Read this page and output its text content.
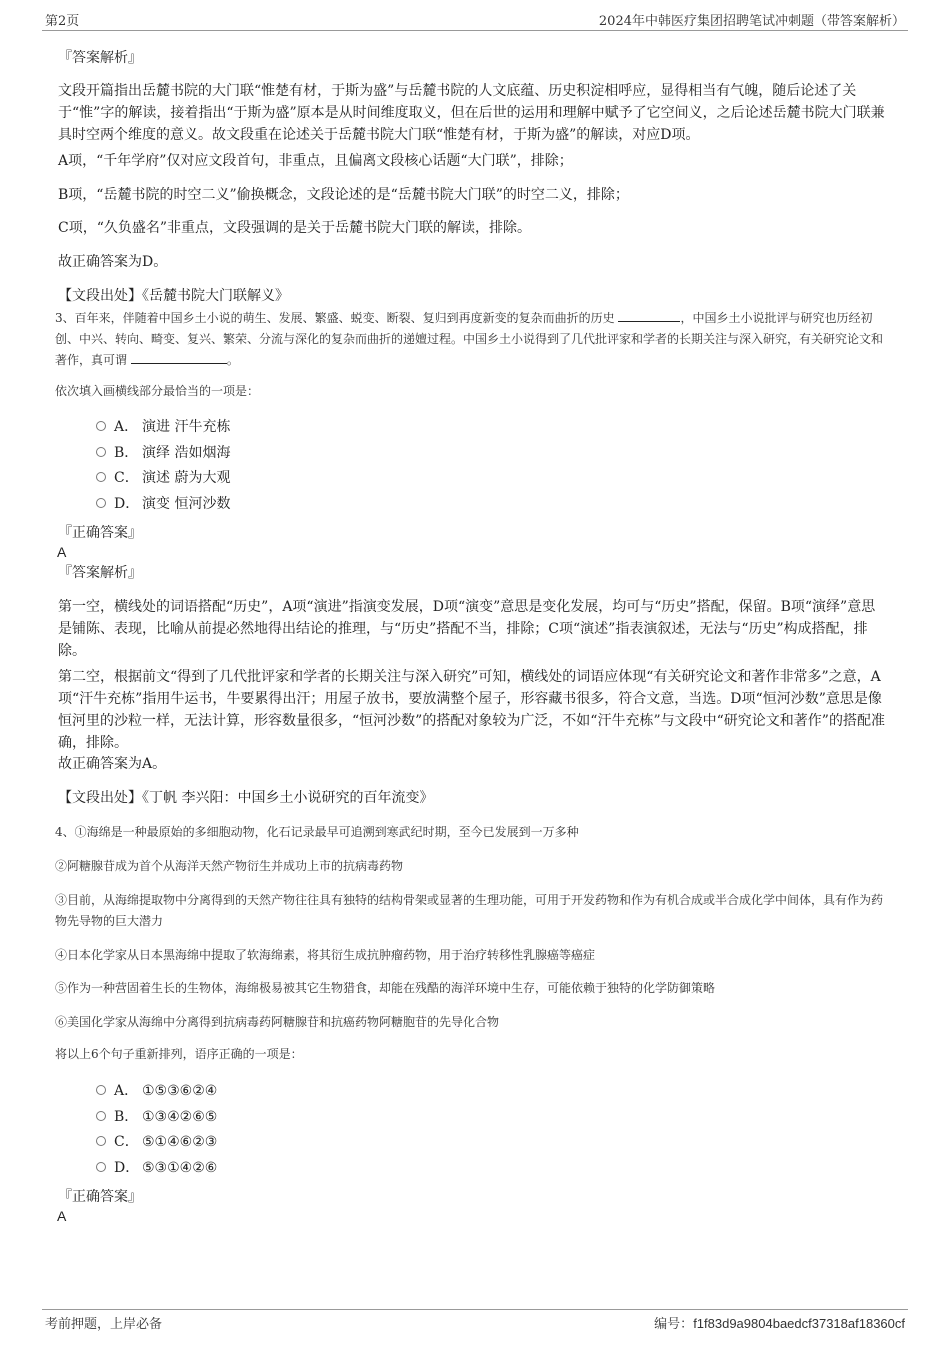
第2页	2024年中韩医疗集团招聘笔试冲刺题（带答案解析）
『答案解析』
文段开篇指出岳麓书院的大门联“惟楚有材，于斯为盛”与岳麓书院的人文底蕴、历史积淀相呼应，显得相当有气魄，随后论述了关于“惟”字的解读，接着指出“于斯为盛”原本是从时间维度取义，但在后世的运用和理解中赋予了它空间义，之后论述岳麓书院大门联兼具时空两个维度的意义。故文段重在论述关于岳麓书院大门联“惟楚有材，于斯为盛”的解读，对应D项。
A项，“千年学府”仅对应文段首句，非重点，且偏离文段核心话题“大门联”，排除；
B项，“岳麓书院的时空二义”偷换概念，文段论述的是“岳麓书院大门联”的时空二义，排除；
C项，“久负盛名”非重点，文段强调的是关于岳麓书院大门联的解读，排除。
故正确答案为D。
【文段出处】《岳麓书院大门联解义》
3、百年来，伴随着中国乡土小说的萌生、发展、繁盛、蜕变、断裂、复归到再度新变的复杂而曲折的历史	，中国乡土小说批评与研究也历经初创、中兴、转向、畸变、复兴、繁荣、分流与深化的复杂而曲折的递嬗过程。中国乡土小说得到了几代批评家和学者的长期关注与深入研究，有关研究论文和著作，真可谓	。
依次填入画横线部分最恰当的一项是：
A． 演进 汗牛充栋
B． 演绎 浩如烟海
C． 演述 蔚为大观
D． 演变 恒河沙数
『正确答案』
A
『答案解析』
第一空，横线处的词语搭配“历史”，A项“演进”指演变发展，D项“演变”意思是变化发展，均可与“历史”搭配，保留。B项“演绎”意思是铺陈、表现，比喻从前提必然地得出结论的推理，与“历史”搭配不当，排除；C项“演述”指表演叙述，无法与“历史”构成搭配，排除。
第二空，根据前文“得到了几代批评家和学者的长期关注与深入研究”可知，横线处的词语应体现“有关研究论文和著作非常多”之意，A项“汗牛充栋”指用牛运书，牛要累得出汗；用屋子放书，要放满整个屋子，形容藏书很多，符合文意，当选。D项“恒河沙数”意思是像恒河里的沙粒一样，无法计算，形容数量很多，“恒河沙数”的搭配对象较为广泛，不如“汗牛充栋”与文段中“研究论文和著作”的搭配准确，排除。
故正确答案为A。
【文段出处】《丁帆 李兴阳：中国乡土小说研究的百年流变》
4、①海绵是一种最原始的多细胞动物，化石记录最早可追溯到寒武纪时期，至今已发展到一万多种
②阿糖腺苷成为首个从海洋天然产物衍生并成功上市的抗病毒药物
③目前，从海绵提取物中分离得到的天然产物往往具有独特的结构骨架或显著的生理功能，可用于开发药物和作为有机合成或半合成化学中间体，具有作为药物先导物的巨大潜力
④日本化学家从日本黑海绵中提取了软海绵素，将其衍生成抗肿瘤药物，用于治疗转移性乳腺癌等癌症
⑤作为一种营固着生长的生物体，海绵极易被其它生物猎食，却能在残酷的海洋环境中生存，可能依赖于独特的化学防御策略
⑥美国化学家从海绵中分离得到抗病毒药阿糖腺苷和抗癌药物阿糖胞苷的先导化合物
将以上6个句子重新排列，语序正确的一项是：
A． ①⑤③⑥②④
B． ①③④②⑥⑤
C． ⑤①④⑥②③
D． ⑤③①④②⑥
『正确答案』
A
考前押题，上岸必备	编号：f1f83d9a9804baedcf37318af18360cf
